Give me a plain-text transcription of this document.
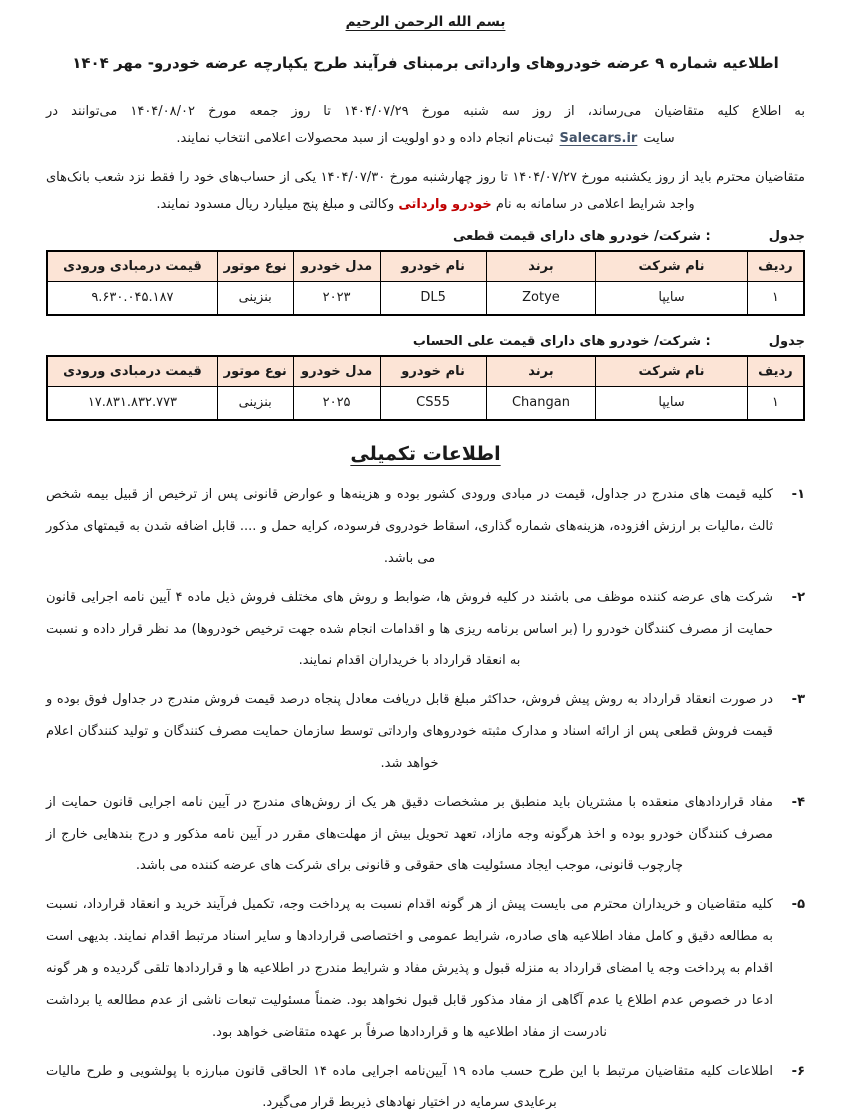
بسم الله الرحمن الرحیم
اطلاعیه شماره ۹ عرضه خودروهای وارداتی برمبنای فرآیند طرح یکپارچه عرضه خودرو- مهر ۱۴۰۴

به اطلاع کلیه متقاضیان می‌رساند، از روز سه شنبه مورخ ۱۴۰۴/۰۷/۲۹ تا روز جمعه مورخ ۱۴۰۴/۰۸/۰۲ می‌توانند در سایتSalecars.irثبت‌نام انجام داده و دو اولویت از سبد محصولات اعلامی انتخاب نمایند.

متقاضیان محترم باید از روز یکشنبه مورخ ۱۴۰۴/۰۷/۲۷ تا روز چهارشنبه مورخ ۱۴۰۴/۰۷/۳۰ یکی از حساب‌های خود را فقط نزد شعب بانک‌های واجد شرایط اعلامی در سامانه به نام خودرو وارداتی وکالتی و مبلغ پنج میلیارد ریال مسدود نمایند.

جدول
: شرکت/ خودرو های دارای قیمت قطعی
ردیف	نام شرکت	برند	نام خودرو	مدل خودرو	نوع موتور	قیمت درمبادی ورودی
۱	سایپا	Zotye	DL5	۲۰۲۳	بنزینی	۹.۶۳۰.۰۴۵.۱۸۷
جدول
: شرکت/ خودرو های دارای قیمت علی الحساب
ردیف	نام شرکت	برند	نام خودرو	مدل خودرو	نوع موتور	قیمت درمبادی ورودی
۱	سایپا	Changan	CS55	۲۰۲۵	بنزینی	۱۷.۸۳۱.۸۳۲.۷۷۳
اطلاعات تکمیلی
۱-
کلیه قیمت های مندرج در جداول، قیمت در مبادی ورودی کشور بوده و هزینه‌ها و عوارض قانونی پس از ترخیص از قبیل بیمه شخص ثالث ،مالیات بر ارزش افزوده، هزینه‌های شماره گذاری، اسقاط خودروی فرسوده، کرایه حمل و .... قابل اضافه شدن به قیمتهای مذکور می باشد.
۲-
شرکت های عرضه کننده موظف می باشند در کلیه فروش ها، ضوابط و روش های مختلف فروش ذیل ماده ۴ آیین نامه اجرایی قانون حمایت از مصرف کنندگان خودرو را (بر اساس برنامه ریزی ها و اقدامات انجام شده جهت ترخیص خودروها) مد نظر قرار داده و نسبت به انعقاد قرارداد با خریداران اقدام نمایند.
۳-
در صورت انعقاد قرارداد به روش پیش فروش، حداکثر مبلغ قابل دریافت معادل پنجاه درصد قیمت فروش مندرج در جداول فوق بوده و قیمت فروش قطعی پس از ارائه اسناد و مدارک مثبته خودروهای وارداتی توسط سازمان حمایت مصرف کنندگان و تولید کنندگان اعلام خواهد شد.
۴-
مفاد قراردادهای منعقده با مشتریان باید منطبق بر مشخصات دقیق هر یک از روش‌های مندرج در آیین نامه اجرایی قانون حمایت از مصرف کنندگان خودرو بوده و اخذ هرگونه وجه مازاد، تعهد تحویل بیش از مهلت‌های مقرر در آیین نامه مذکور و درج بندهایی خارج از چارچوب قانونی، موجب ایجاد مسئولیت های حقوقی و قانونی برای شرکت های عرضه کننده می باشد.
۵-
کلیه متقاضیان و خریداران محترم می بایست پیش از هر گونه اقدام نسبت به پرداخت وجه، تکمیل فرآیند خرید و انعقاد قرارداد، نسبت به مطالعه دقیق و کامل مفاد اطلاعیه های صادره، شرایط عمومی و اختصاصی قراردادها و سایر اسناد مرتبط اقدام نمایند. بدیهی است اقدام به پرداخت وجه یا امضای قرارداد به منزله قبول و پذیرش مفاد و شرایط مندرج در اطلاعیه ها و قراردادها تلقی گردیده و هر گونه ادعا در خصوص عدم اطلاع یا عدم آگاهی از مفاد مذکور قابل قبول نخواهد بود. ضمناً مسئولیت تبعات ناشی از عدم مطالعه یا برداشت نادرست از مفاد اطلاعیه ها و قراردادها صرفاً بر عهده متقاضی خواهد بود.
۶-
اطلاعات کلیه متقاضیان مرتبط با این طرح حسب ماده ۱۹ آیین‌نامه اجرایی ماده ۱۴ الحاقی قانون مبارزه با پولشویی و طرح مالیات برعایدی سرمایه در اختیار نهادهای ذیربط قرار می‌گیرد.
